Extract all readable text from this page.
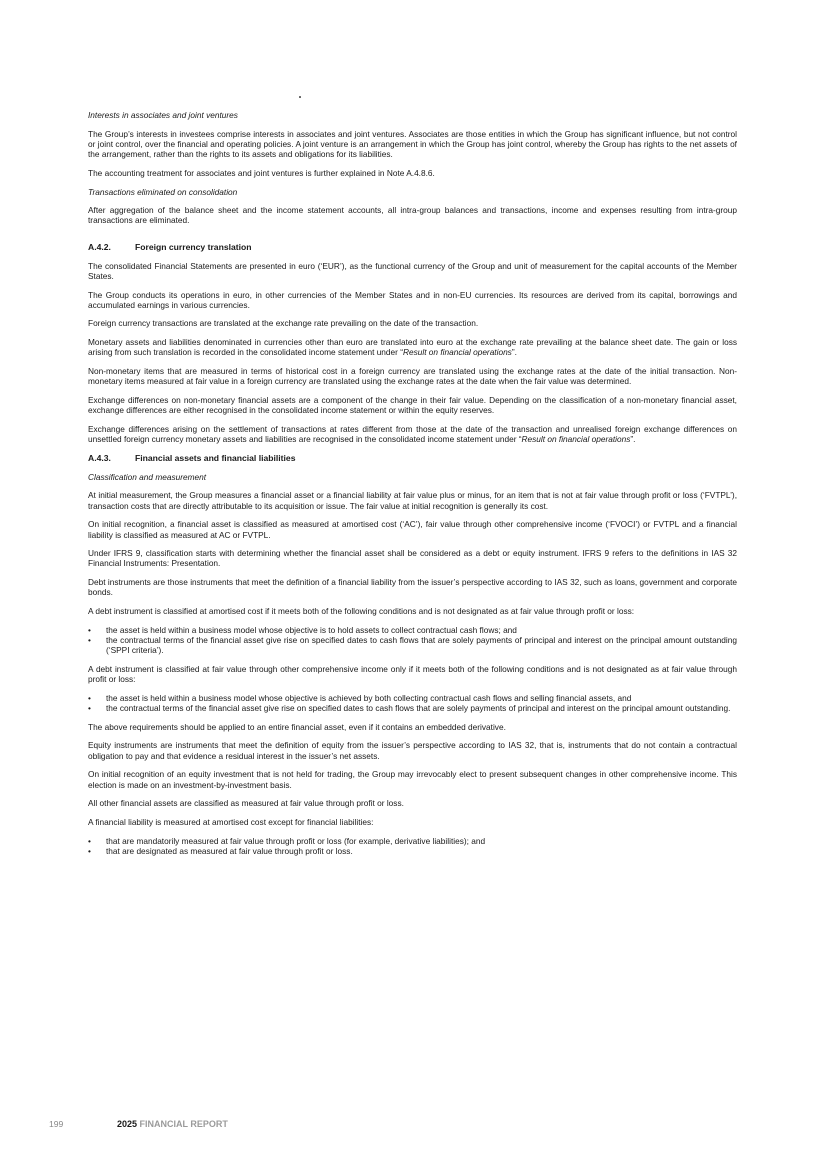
Interests in associates and joint ventures

The Group’s interests in investees comprise interests in associates and joint ventures. Associates are those entities in which the Group has significant influence, but not control or joint control, over the financial and operating policies. A joint venture is an arrangement in which the Group has joint control, whereby the Group has rights to the net assets of the arrangement, rather than the rights to its assets and obligations for its liabilities.

The accounting treatment for associates and joint ventures is further explained in Note A.4.8.6.

Transactions eliminated on consolidation

After aggregation of the balance sheet and the income statement accounts, all intra-group balances and transactions, income and expenses resulting from intra-group transactions are eliminated.

A.4.2.	Foreign currency translation

The consolidated Financial Statements are presented in euro (‘EUR’), as the functional currency of the Group and unit of measurement for the capital accounts of the Member States.

The Group conducts its operations in euro, in other currencies of the Member States and in non-EU currencies. Its resources are derived from its capital, borrowings and accumulated earnings in various currencies.

Foreign currency transactions are translated at the exchange rate prevailing on the date of the transaction.

Monetary assets and liabilities denominated in currencies other than euro are translated into euro at the exchange rate prevailing at the balance sheet date. The gain or loss arising from such translation is recorded in the consolidated income statement under “Result on financial operations”.

Non-monetary items that are measured in terms of historical cost in a foreign currency are translated using the exchange rates at the date of the initial transaction. Non-monetary items measured at fair value in a foreign currency are translated using the exchange rates at the date when the fair value was determined.

Exchange differences on non-monetary financial assets are a component of the change in their fair value. Depending on the classification of a non-monetary financial asset, exchange differences are either recognised in the consolidated income statement or within the equity reserves.

Exchange differences arising on the settlement of transactions at rates different from those at the date of the transaction and unrealised foreign exchange differences on unsettled foreign currency monetary assets and liabilities are recognised in the consolidated income statement under “Result on financial operations”.

A.4.3.	Financial assets and financial liabilities

Classification and measurement

At initial measurement, the Group measures a financial asset or a financial liability at fair value plus or minus, for an item that is not at fair value through profit or loss (‘FVTPL’), transaction costs that are directly attributable to its acquisition or issue. The fair value at initial recognition is generally its cost.

On initial recognition, a financial asset is classified as measured at amortised cost (‘AC’), fair value through other comprehensive income (‘FVOCI’) or FVTPL and a financial liability is classified as measured at AC or FVTPL.

Under IFRS 9, classification starts with determining whether the financial asset shall be considered as a debt or equity instrument. IFRS 9 refers to the definitions in IAS 32 Financial Instruments: Presentation.

Debt instruments are those instruments that meet the definition of a financial liability from the issuer’s perspective according to IAS 32, such as loans, government and corporate bonds.

A debt instrument is classified at amortised cost if it meets both of the following conditions and is not designated as at fair value through profit or loss:

• the asset is held within a business model whose objective is to hold assets to collect contractual cash flows; and
• the contractual terms of the financial asset give rise on specified dates to cash flows that are solely payments of principal and interest on the principal amount outstanding (‘SPPI criteria’).

A debt instrument is classified at fair value through other comprehensive income only if it meets both of the following conditions and is not designated as at fair value through profit or loss:

• the asset is held within a business model whose objective is achieved by both collecting contractual cash flows and selling financial assets, and
• the contractual terms of the financial asset give rise on specified dates to cash flows that are solely payments of principal and interest on the principal amount outstanding.

The above requirements should be applied to an entire financial asset, even if it contains an embedded derivative.

Equity instruments are instruments that meet the definition of equity from the issuer’s perspective according to IAS 32, that is, instruments that do not contain a contractual obligation to pay and that evidence a residual interest in the issuer’s net assets.

On initial recognition of an equity investment that is not held for trading, the Group may irrevocably elect to present subsequent changes in other comprehensive income. This election is made on an investment-by-investment basis.

All other financial assets are classified as measured at fair value through profit or loss.

A financial liability is measured at amortised cost except for financial liabilities:

• that are mandatorily measured at fair value through profit or loss (for example, derivative liabilities); and
• that are designated as measured at fair value through profit or loss.
199	2025 FINANCIAL REPORT
